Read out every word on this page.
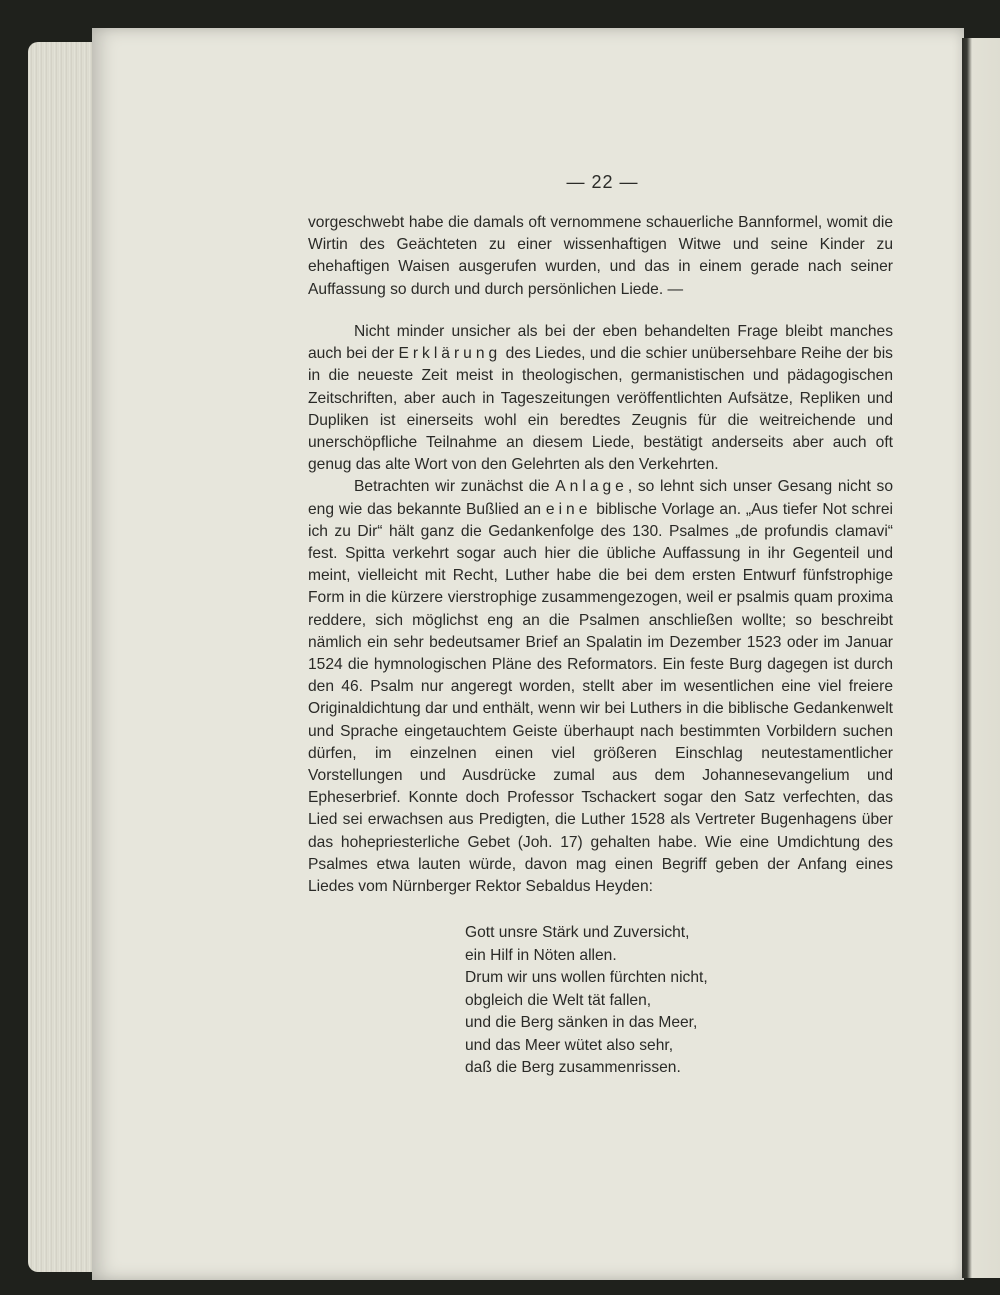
— 22 —

vorgeschwebt habe die damals oft vernommene schauerliche Bannformel, womit die Wirtin des Geächteten zu einer wissenhaftigen Witwe und seine Kinder zu ehehaftigen Waisen ausgerufen wurden, und das in einem gerade nach seiner Auffassung so durch und durch persönlichen Liede. —

Nicht minder unsicher als bei der eben behandelten Frage bleibt manches auch bei der Erklärung des Liedes, und die schier unübersehbare Reihe der bis in die neueste Zeit meist in theologischen, germanistischen und pädagogischen Zeitschriften, aber auch in Tageszeitungen veröffentlichten Aufsätze, Repliken und Dupliken ist einerseits wohl ein beredtes Zeugnis für die weitreichende und unerschöpfliche Teilnahme an diesem Liede, bestätigt anderseits aber auch oft genug das alte Wort von den Gelehrten als den Verkehrten.

Betrachten wir zunächst die Anlage, so lehnt sich unser Gesang nicht so eng wie das bekannte Bußlied an eine biblische Vorlage an. „Aus tiefer Not schrei ich zu Dir“ hält ganz die Gedankenfolge des 130. Psalmes „de profundis clamavi“ fest. Spitta verkehrt sogar auch hier die übliche Auffassung in ihr Gegenteil und meint, vielleicht mit Recht, Luther habe die bei dem ersten Entwurf fünfstrophige Form in die kürzere vierstrophige zusammengezogen, weil er psalmis quam proxima reddere, sich möglichst eng an die Psalmen anschließen wollte; so beschreibt nämlich ein sehr bedeutsamer Brief an Spalatin im Dezember 1523 oder im Januar 1524 die hymnologischen Pläne des Reformators. Ein feste Burg dagegen ist durch den 46. Psalm nur angeregt worden, stellt aber im wesentlichen eine viel freiere Originaldichtung dar und enthält, wenn wir bei Luthers in die biblische Gedankenwelt und Sprache eingetauchtem Geiste überhaupt nach bestimmten Vorbildern suchen dürfen, im einzelnen einen viel größeren Einschlag neutestamentlicher Vorstellungen und Ausdrücke zumal aus dem Johannesevangelium und Epheserbrief. Konnte doch Professor Tschackert sogar den Satz verfechten, das Lied sei erwachsen aus Predigten, die Luther 1528 als Vertreter Bugenhagens über das hohepriesterliche Gebet (Joh. 17) gehalten habe. Wie eine Umdichtung des Psalmes etwa lauten würde, davon mag einen Begriff geben der Anfang eines Liedes vom Nürnberger Rektor Sebaldus Heyden:

Gott unsre Stärk und Zuversicht,
ein Hilf in Nöten allen.
Drum wir uns wollen fürchten nicht,
obgleich die Welt tät fallen,
und die Berg sänken in das Meer,
und das Meer wütet also sehr,
daß die Berg zusammenrissen.
